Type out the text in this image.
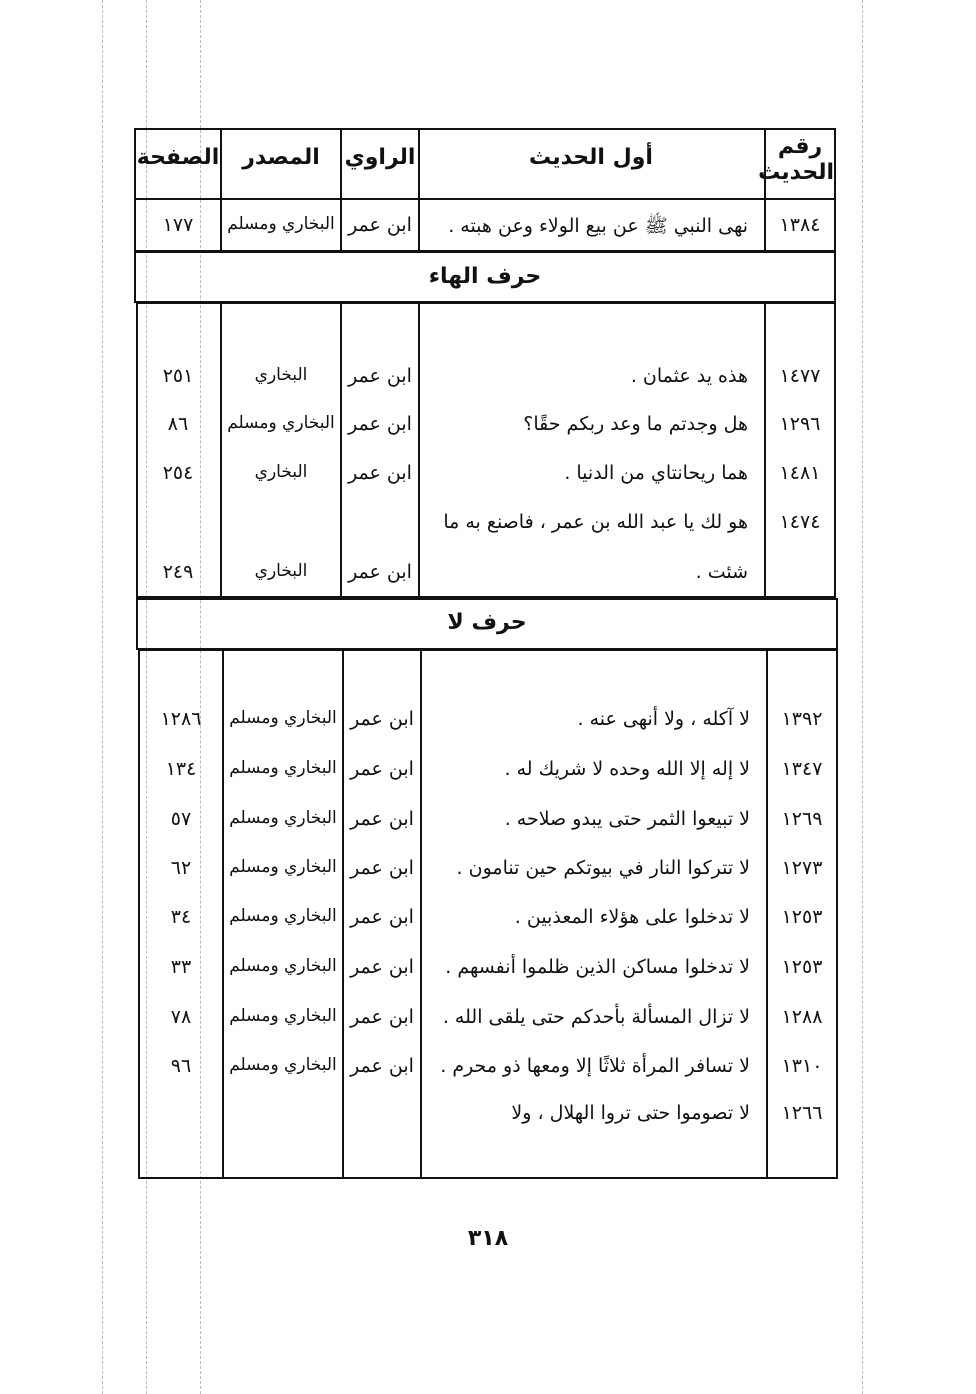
رقم الحديث
أول الحديث
الراوي
المصدر
الصفحة
١٣٨٤
نهى النبي ﷺ عن بيع الولاء وعن هبته .
ابن عمر
البخاري ومسلم
١٧٧
حرف الهاء
١٤٧٧
هذه يد عثمان .
ابن عمر
البخاري
٢٥١
١٢٩٦
هل وجدتم ما وعد ربكم حقًا؟
ابن عمر
البخاري ومسلم
٨٦
١٤٨١
هما ريحانتاي من الدنيا .
ابن عمر
البخاري
٢٥٤
١٤٧٤
هو لك يا عبد الله بن عمر ، فاصنع به ما
شئت .
ابن عمر
البخاري
٢٤٩
حرف لا
١٣٩٢
لا آكله ، ولا أنهى عنه .
ابن عمر
البخاري ومسلم
١٢٨٦
١٣٤٧
لا إله إلا الله وحده لا شريك له .
ابن عمر
البخاري ومسلم
١٣٤
١٢٦٩
لا تبيعوا الثمر حتى يبدو صلاحه .
ابن عمر
البخاري ومسلم
٥٧
١٢٧٣
لا تتركوا النار في بيوتكم حين تنامون .
ابن عمر
البخاري ومسلم
٦٢
١٢٥٣
لا تدخلوا على هؤلاء المعذبين .
ابن عمر
البخاري ومسلم
٣٤
١٢٥٣
لا تدخلوا مساكن الذين ظلموا أنفسهم .
ابن عمر
البخاري ومسلم
٣٣
١٢٨٨
لا تزال المسألة بأحدكم حتى يلقى الله .
ابن عمر
البخاري ومسلم
٧٨
١٣١٠
لا تسافر المرأة ثلاثًا إلا ومعها ذو محرم .
ابن عمر
البخاري ومسلم
٩٦
١٢٦٦
لا تصوموا حتى تروا الهلال ، ولا
٣١٨
